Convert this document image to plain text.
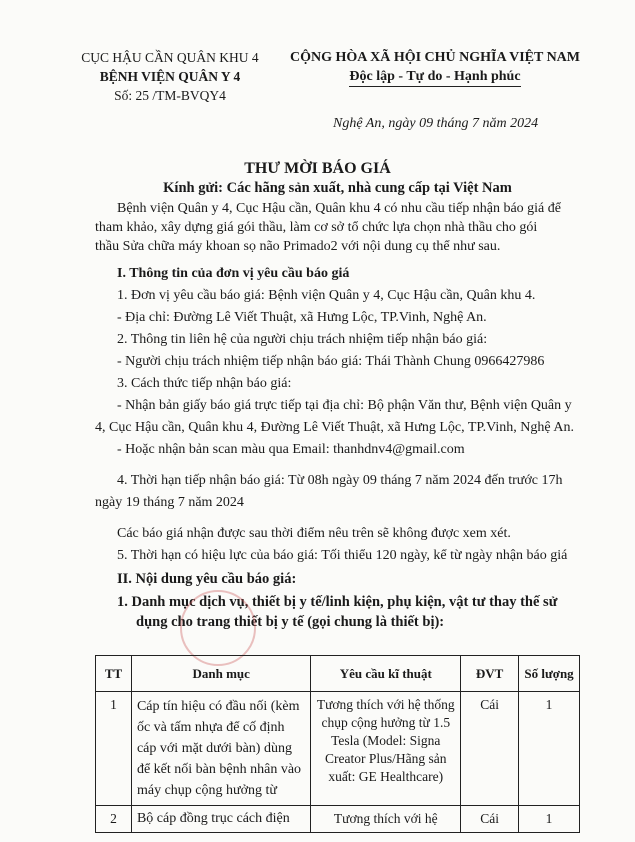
CỤC HẬU CẦN QUÂN KHU 4
BỆNH VIỆN QUÂN Y 4
Số: 25 /TM-BVQY4
CỘNG HÒA XÃ HỘI CHỦ NGHĨA VIỆT NAM
Độc lập - Tự do - Hạnh phúc
Nghệ An, ngày 09 tháng 7 năm 2024
THƯ MỜI BÁO GIÁ
Kính gửi: Các hãng sản xuất, nhà cung cấp tại Việt Nam
Bệnh viện Quân y 4, Cục Hậu cần, Quân khu 4 có nhu cầu tiếp nhận báo giá để
tham khảo, xây dựng giá gói thầu, làm cơ sở tổ chức lựa chọn nhà thầu cho gói
thầu Sửa chữa máy khoan sọ não Primado2 với nội dung cụ thể như sau.
I. Thông tin của đơn vị yêu cầu báo giá
1. Đơn vị yêu cầu báo giá: Bệnh viện Quân y 4, Cục Hậu cần, Quân khu 4.
- Địa chỉ: Đường Lê Viết Thuật, xã Hưng Lộc, TP.Vinh, Nghệ An.
2. Thông tin liên hệ của người chịu trách nhiệm tiếp nhận báo giá:
- Người chịu trách nhiệm tiếp nhận báo giá: Thái Thành Chung 0966427986
3. Cách thức tiếp nhận báo giá:
- Nhận bản giấy báo giá trực tiếp tại địa chỉ: Bộ phận Văn thư, Bệnh viện Quân y
4, Cục Hậu cần, Quân khu 4, Đường Lê Viết Thuật, xã Hưng Lộc, TP.Vinh, Nghệ An.
- Hoặc nhận bản scan màu qua Email: thanhdnv4@gmail.com
4. Thời hạn tiếp nhận báo giá: Từ 08h ngày 09 tháng 7 năm 2024 đến trước 17h
ngày 19 tháng 7 năm 2024
Các báo giá nhận được sau thời điểm nêu trên sẽ không được xem xét.
5. Thời hạn có hiệu lực của báo giá: Tối thiểu 120 ngày, kể từ ngày nhận báo giá
II. Nội dung yêu cầu báo giá:
1. Danh mục dịch vụ, thiết bị y tế/linh kiện, phụ kiện, vật tư thay thế sử
dụng cho trang thiết bị y tế (gọi chung là thiết bị):
TT	Danh mục	Yêu cầu kĩ thuật	ĐVT	Số lượng
1	Cáp tín hiệu có đầu nối (kèm ốc và tấm nhựa để cố định cáp với mặt dưới bàn) dùng để kết nối bàn bệnh nhân vào máy chụp cộng hưởng từ	Tương thích với hệ thống chụp cộng hưởng từ 1.5 Tesla (Model: Signa Creator Plus/Hãng sản xuất: GE Healthcare)	Cái	1
2	Bộ cáp đồng trục cách điện	Tương thích với hệ	Cái	1
